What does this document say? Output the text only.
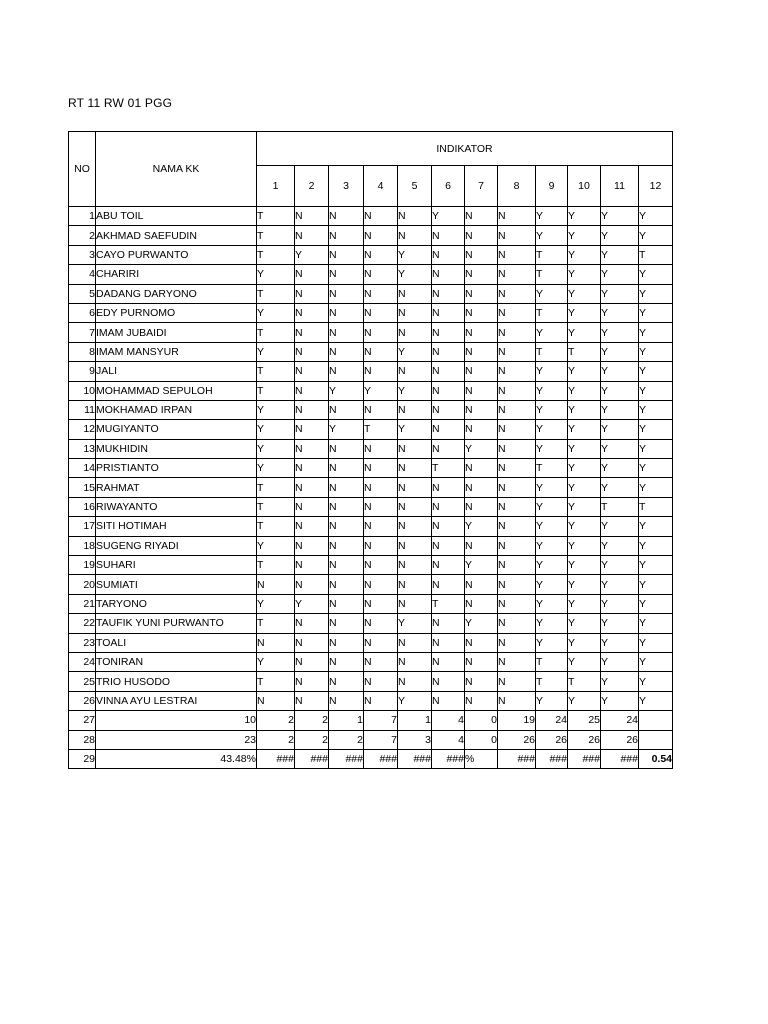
RT 11 RW 01 PGG
NO	NAMA KK	INDIKATOR											
		1	2	3	4	5	6	7	8	9	10	11	12
1	ABU TOIL	T	N	N	N	N	Y	N	N	Y	Y	Y	Y
2	AKHMAD SAEFUDIN	T	N	N	N	N	N	N	N	Y	Y	Y	Y
3	CAYO PURWANTO	T	Y	N	N	Y	N	N	N	T	Y	Y	T
4	CHARIRI	Y	N	N	N	Y	N	N	N	T	Y	Y	Y
5	DADANG DARYONO	T	N	N	N	N	N	N	N	Y	Y	Y	Y
6	EDY PURNOMO	Y	N	N	N	N	N	N	N	T	Y	Y	Y
7	IMAM JUBAIDI	T	N	N	N	N	N	N	N	Y	Y	Y	Y
8	IMAM MANSYUR	Y	N	N	N	Y	N	N	N	T	T	Y	Y
9	JALI	T	N	N	N	N	N	N	N	Y	Y	Y	Y
10	MOHAMMAD SEPULOH	T	N	Y	Y	Y	N	N	N	Y	Y	Y	Y
11	MOKHAMAD IRPAN	Y	N	N	N	N	N	N	N	Y	Y	Y	Y
12	MUGIYANTO	Y	N	Y	T	Y	N	N	N	Y	Y	Y	Y
13	MUKHIDIN	Y	N	N	N	N	N	Y	N	Y	Y	Y	Y
14	PRISTIANTO	Y	N	N	N	N	T	N	N	T	Y	Y	Y
15	RAHMAT	T	N	N	N	N	N	N	N	Y	Y	Y	Y
16	RIWAYANTO	T	N	N	N	N	N	N	N	Y	Y	T	T
17	SITI HOTIMAH	T	N	N	N	N	N	Y	N	Y	Y	Y	Y
18	SUGENG RIYADI	Y	N	N	N	N	N	N	N	Y	Y	Y	Y
19	SUHARI	T	N	N	N	N	N	Y	N	Y	Y	Y	Y
20	SUMIATI	N	N	N	N	N	N	N	N	Y	Y	Y	Y
21	TARYONO	Y	Y	N	N	N	T	N	N	Y	Y	Y	Y
22	TAUFIK YUNI PURWANTO	T	N	N	N	Y	N	Y	N	Y	Y	Y	Y
23	TOALI	N	N	N	N	N	N	N	N	Y	Y	Y	Y
24	TONIRAN	Y	N	N	N	N	N	N	N	T	Y	Y	Y
25	TRIO HUSODO	T	N	N	N	N	N	N	N	T	T	Y	Y
26	VINNA AYU LESTRAI	N	N	N	N	Y	N	N	N	Y	Y	Y	Y
27	10	2	2	1	7	1	4	0	19	24	25	24	
28	23	2	2	2	7	3	4	0	26	26	26	26	
29	43.48%	###	###	###	###	###	###	%	###	###	###	###	0.54
